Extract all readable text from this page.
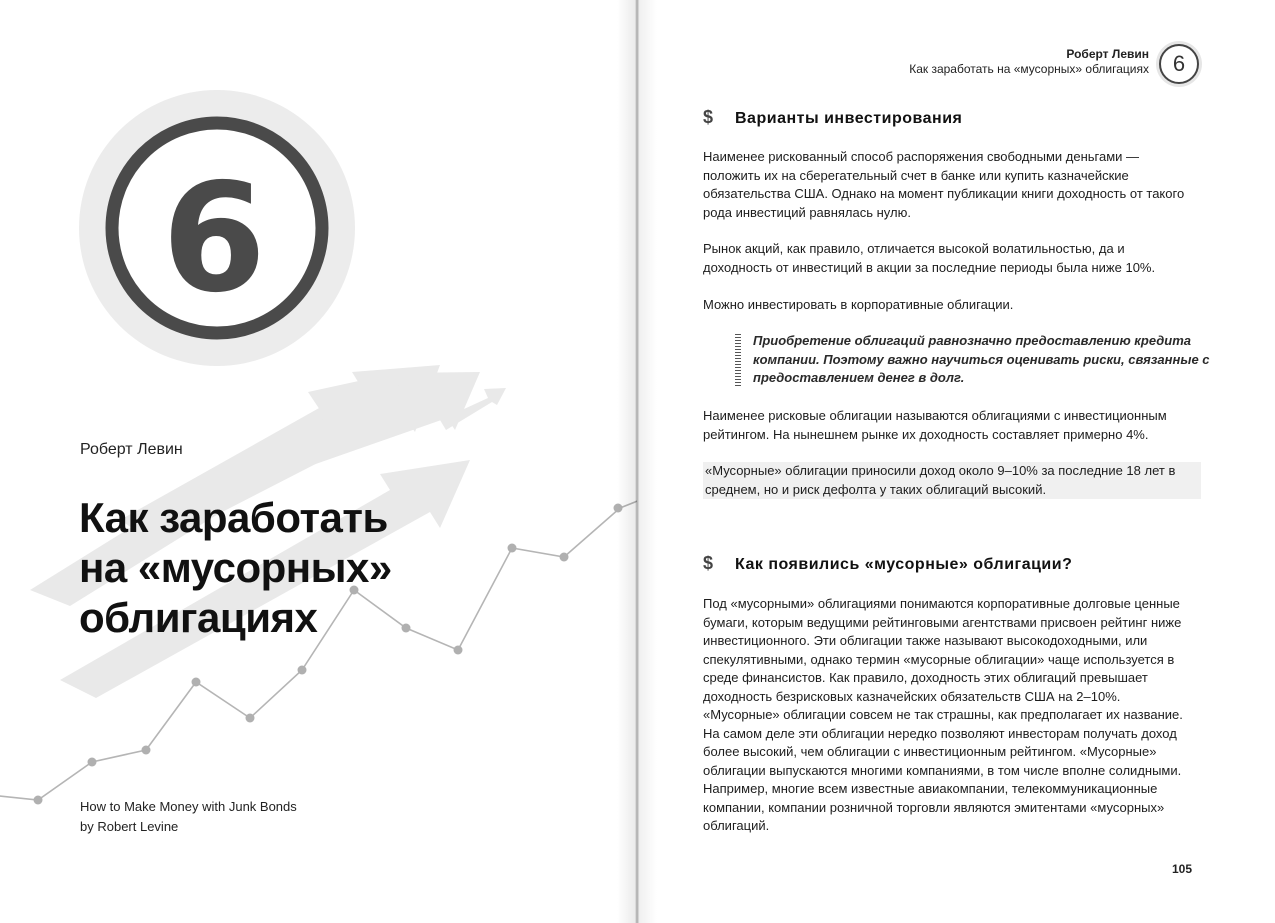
6
Роберт Левин
Как заработать
на «мусорных»
облигациях
How to Make Money with Junk Bonds
by Robert Levine
Роберт Левин
Как заработать на «мусорных» облигациях	6
$ Варианты инвестирования
Наименее рискованный способ распоряжения свободными деньгами — положить их на сберегательный счет в банке или купить казначейские обязательства США. Однако на момент публикации книги доходность от такого рода инвестиций равнялась нулю.
Рынок акций, как правило, отличается высокой волатильностью, да и доходность от инвестиций в акции за последние периоды была ниже 10%.
Можно инвестировать в корпоративные облигации.
Приобретение облигаций равнозначно предоставлению кредита компании. Поэтому важно научиться оценивать риски, связанные с предоставлением денег в долг.
Наименее рисковые облигации называются облигациями с инвестиционным рейтингом. На нынешнем рынке их доходность составляет примерно 4%.
«Мусорные» облигации приносили доход около 9–10% за последние 18 лет в среднем, но и риск дефолта у таких облигаций высокий.
$ Как появились «мусорные» облигации?
Под «мусорными» облигациями понимаются корпоративные долговые ценные бумаги, которым ведущими рейтинговыми агентствами присвоен рейтинг ниже инвестиционного. Эти облигации также называют высокодоходными, или спекулятивными, однако термин «мусорные облигации» чаще используется в среде финансистов. Как правило, доходность этих облигаций превышает доходность безрисковых казначейских обязательств США на 2–10%. «Мусорные» облигации совсем не так страшны, как предполагает их название. На самом деле эти облигации нередко позволяют инвесторам получать доход более высокий, чем облигации с инвестиционным рейтингом. «Мусорные» облигации выпускаются многими компаниями, в том числе вполне солидными. Например, многие всем известные авиакомпании, телекоммуникационные компании, компании розничной торговли являются эмитентами «мусорных» облигаций.
105
